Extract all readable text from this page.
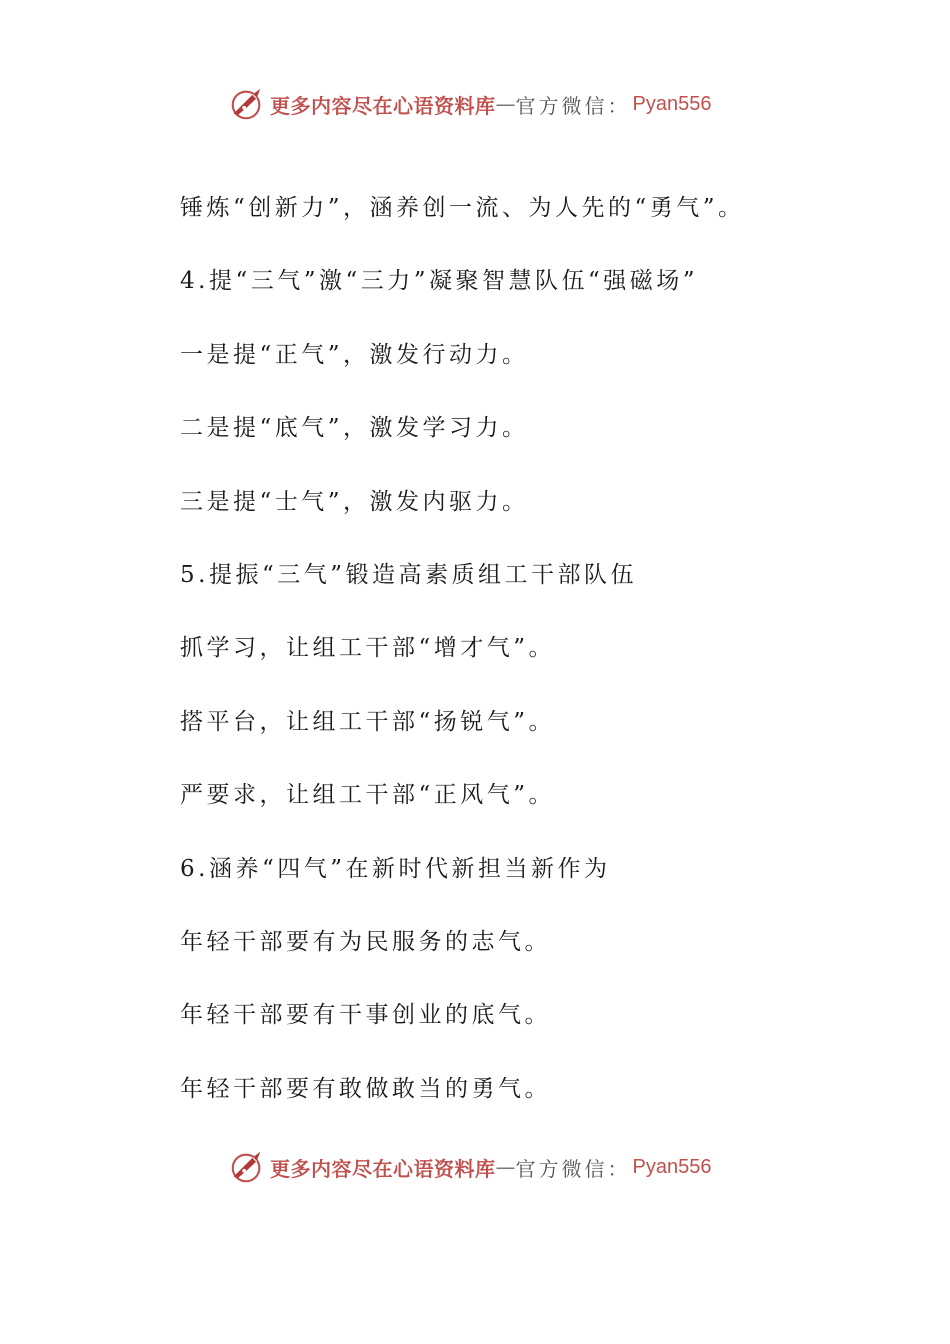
更多内容尽在心语资料库 — 官方微信： Pyan556
锤炼“创新力”，涵养创一流、为人先的“勇气”。
4.提“三气”激“三力”凝聚智慧队伍“强磁场”
一是提“正气”，激发行动力。
二是提“底气”，激发学习力。
三是提“士气”，激发内驱力。
5.提振“三气”锻造高素质组工干部队伍
抓学习，让组工干部“增才气”。
搭平台，让组工干部“扬锐气”。
严要求，让组工干部“正风气”。
6.涵养“四气”在新时代新担当新作为
年轻干部要有为民服务的志气。
年轻干部要有干事创业的底气。
年轻干部要有敢做敢当的勇气。
更多内容尽在心语资料库 — 官方微信： Pyan556
